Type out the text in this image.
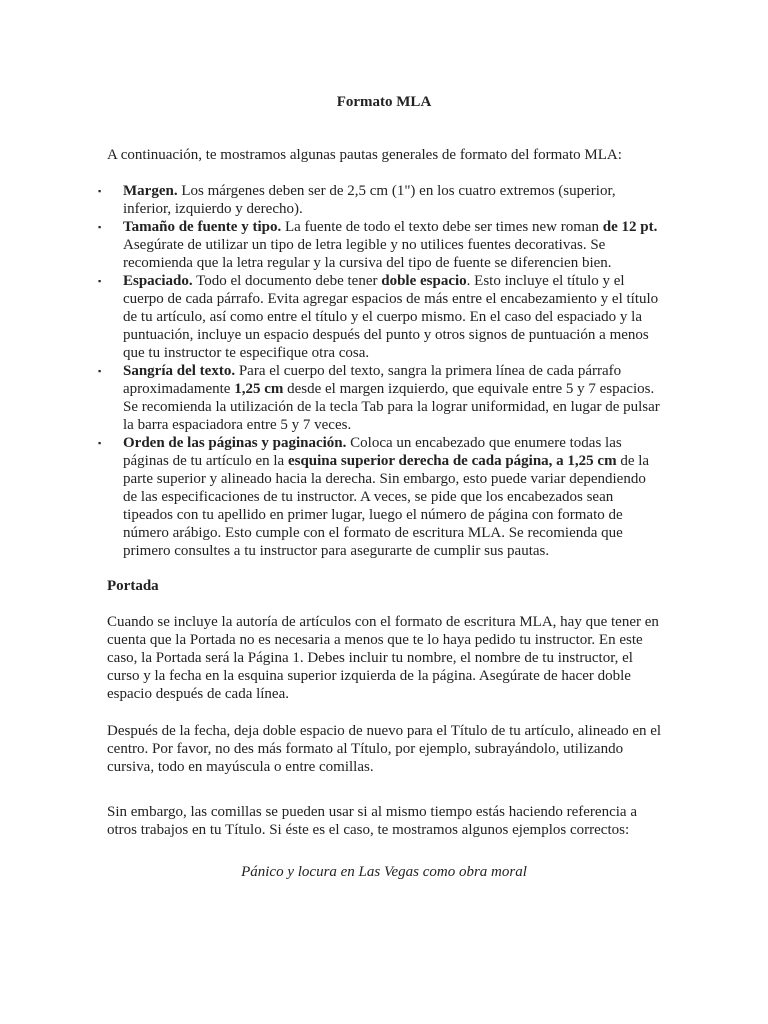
Formato MLA
A continuación, te mostramos algunas pautas generales de formato del formato MLA:
▪	Margen. Los márgenes deben ser de 2,5 cm (1") en los cuatro extremos (superior, inferior, izquierdo y derecho).
▪	Tamaño de fuente y tipo. La fuente de todo el texto debe ser times new roman de 12 pt. Asegúrate de utilizar un tipo de letra legible y no utilices fuentes decorativas. Se recomienda que la letra regular y la cursiva del tipo de fuente se diferencien bien.
▪	Espaciado. Todo el documento debe tener doble espacio. Esto incluye el título y el cuerpo de cada párrafo. Evita agregar espacios de más entre el encabezamiento y el título de tu artículo, así como entre el título y el cuerpo mismo. En el caso del espaciado y la puntuación, incluye un espacio después del punto y otros signos de puntuación a menos que tu instructor te especifique otra cosa.
▪	Sangría del texto. Para el cuerpo del texto, sangra la primera línea de cada párrafo aproximadamente 1,25 cm desde el margen izquierdo, que equivale entre 5 y 7 espacios. Se recomienda la utilización de la tecla Tab para la lograr uniformidad, en lugar de pulsar la barra espaciadora entre 5 y 7 veces.
▪	Orden de las páginas y paginación. Coloca un encabezado que enumere todas las páginas de tu artículo en la esquina superior derecha de cada página, a 1,25 cm de la parte superior y alineado hacia la derecha. Sin embargo, esto puede variar dependiendo de las especificaciones de tu instructor. A veces, se pide que los encabezados sean tipeados con tu apellido en primer lugar, luego el número de página con formato de número arábigo. Esto cumple con el formato de escritura MLA. Se recomienda que primero consultes a tu instructor para asegurarte de cumplir sus pautas.
Portada
Cuando se incluye la autoría de artículos con el formato de escritura MLA, hay que tener en cuenta que la Portada no es necesaria a menos que te lo haya pedido tu instructor. En este caso, la Portada será la Página 1. Debes incluir tu nombre, el nombre de tu instructor, el curso y la fecha en la esquina superior izquierda de la página. Asegúrate de hacer doble espacio después de cada línea.
Después de la fecha, deja doble espacio de nuevo para el Título de tu artículo, alineado en el centro. Por favor, no des más formato al Título, por ejemplo, subrayándolo, utilizando cursiva, todo en mayúscula o entre comillas.
Sin embargo, las comillas se pueden usar si al mismo tiempo estás haciendo referencia a otros trabajos en tu Título. Si éste es el caso, te mostramos algunos ejemplos correctos:
Pánico y locura en Las Vegas como obra moral
